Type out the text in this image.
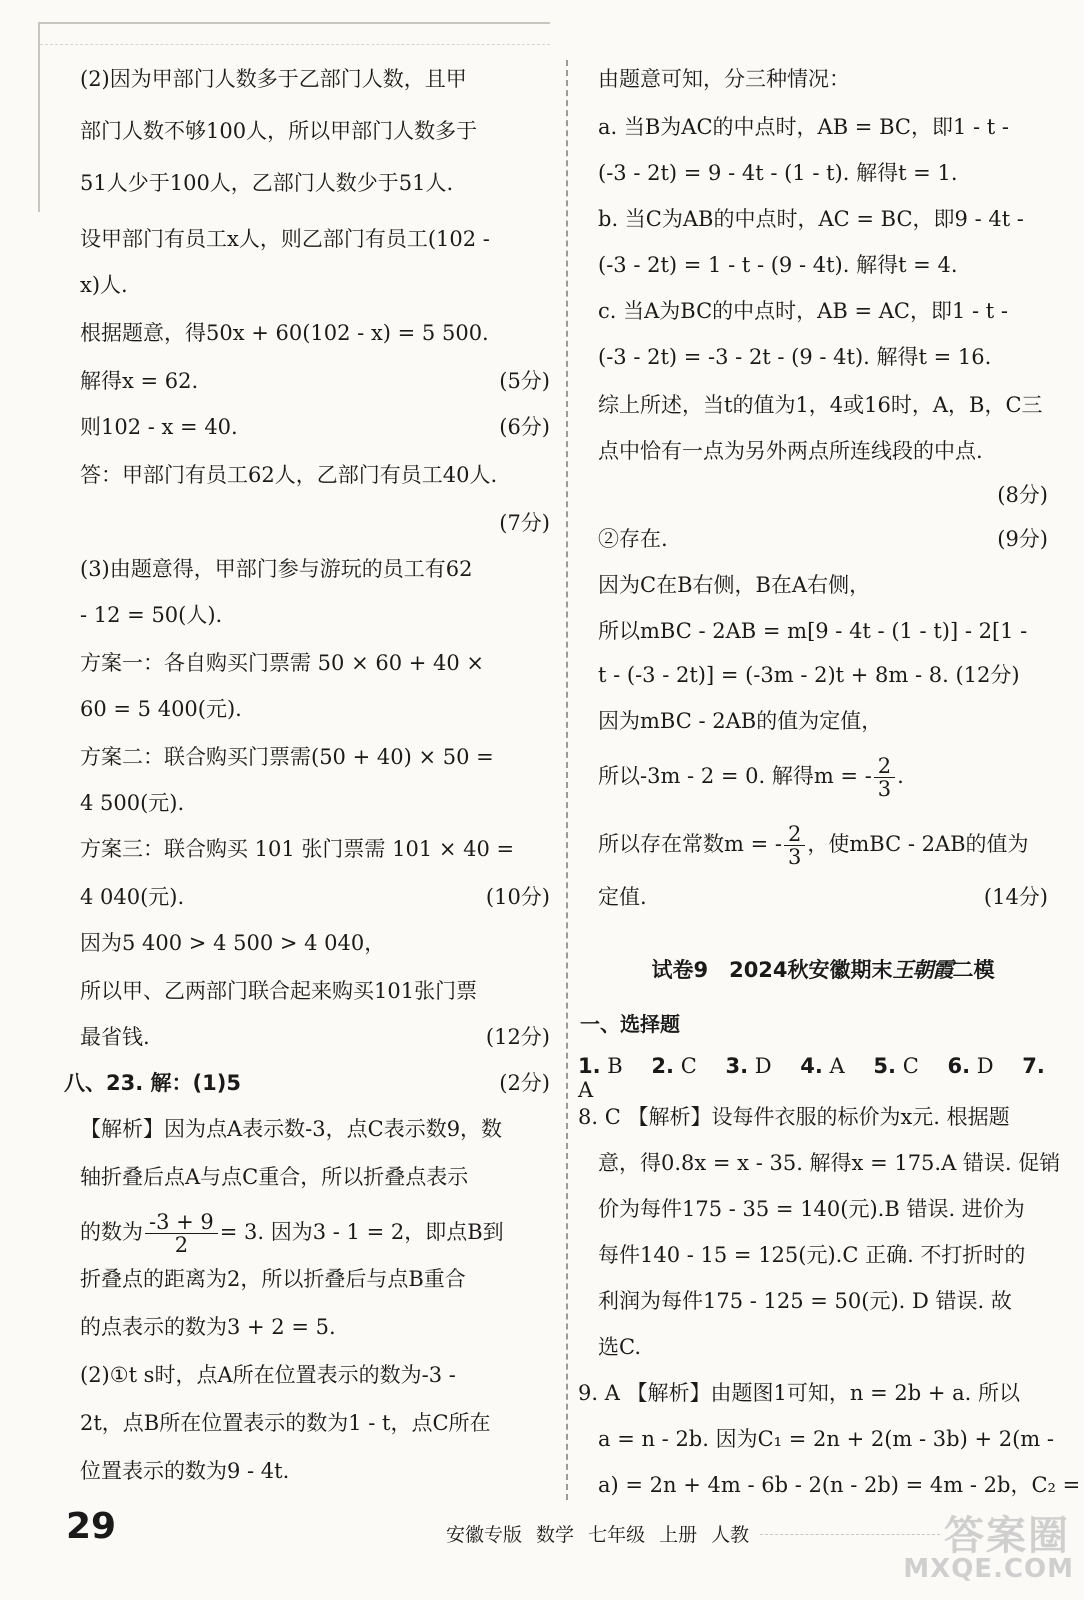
(2)因为甲部门人数多于乙部门人数，且甲
部门人数不够100人，所以甲部门人数多于
51人少于100人，乙部门人数少于51人.
设甲部门有员工x人，则乙部门有员工(102 -
x)人.
根据题意，得50x + 60(102 - x) = 5 500.
解得x = 62.	(5分)
则102 - x = 40.	(6分)
答：甲部门有员工62人，乙部门有员工40人.
(7分)
(3)由题意得，甲部门参与游玩的员工有62
- 12 = 50(人).
方案一：各自购买门票需 50 × 60 + 40 ×
60 = 5 400(元).
方案二：联合购买门票需(50 + 40) × 50 =
4 500(元).
方案三：联合购买 101 张门票需 101 × 40 =
4 040(元).	(10分)
因为5 400 > 4 500 > 4 040，
所以甲、乙两部门联合起来购买101张门票
最省钱.	(12分)
八、23. 解：(1)5	(2分)
【解析】因为点A表示数-3，点C表示数9，数
轴折叠后点A与点C重合，所以折叠点表示
的数为 $\frac{-3 + 9}{2} = 3$. 因为3 - 1 = 2，即点B到
折叠点的距离为2，所以折叠后与点B重合
的点表示的数为3 + 2 = 5.
(2)①t s时，点A所在位置表示的数为-3 -
2t，点B所在位置表示的数为1 - t，点C所在
位置表示的数为9 - 4t.
由题意可知，分三种情况：
a. 当B为AC的中点时，AB = BC，即1 - t -
(-3 - 2t) = 9 - 4t - (1 - t). 解得t = 1.
b. 当C为AB的中点时，AC = BC，即9 - 4t -
(-3 - 2t) = 1 - t - (9 - 4t). 解得t = 4.
c. 当A为BC的中点时，AB = AC，即1 - t -
(-3 - 2t) = -3 - 2t - (9 - 4t). 解得t = 16.
综上所述，当t的值为1，4或16时，A，B，C三
点中恰有一点为另外两点所连线段的中点.
(8分)
②存在.	(9分)
因为C在B右侧，B在A右侧，
所以mBC - 2AB = m[9 - 4t - (1 - t)] - 2[1 -
t - (-3 - 2t)] = (-3m - 2)t + 8m - 8. (12分)
因为mBC - 2AB的值为定值，
所以-3m - 2 = 0. 解得m = - $\frac{2}{3}$ .
所以存在常数m = - $\frac{2}{3}$ ，使mBC - 2AB的值为
定值.	(14分)
试卷9　2024秋安徽期末王朝霞二模
一、选择题
1. B 2. C 3. D 4. A 5. C 6. D 7. A
8. C 【解析】设每件衣服的标价为x元. 根据题
意，得0.8x = x - 35. 解得x = 175.A 错误. 促销
价为每件175 - 35 = 140(元).B 错误. 进价为
每件140 - 15 = 125(元).C 正确. 不打折时的
利润为每件175 - 125 = 50(元). D 错误. 故
选C.
9. A 【解析】由题图1可知，n = 2b + a. 所以
a = n - 2b. 因为C₁ = 2n + 2(m - 3b) + 2(m -
a) = 2n + 4m - 6b - 2(n - 2b) = 4m - 2b，C₂ =
29	安徽专版 数学 七年级 上册 人教	答案圈
MXQE.COM
